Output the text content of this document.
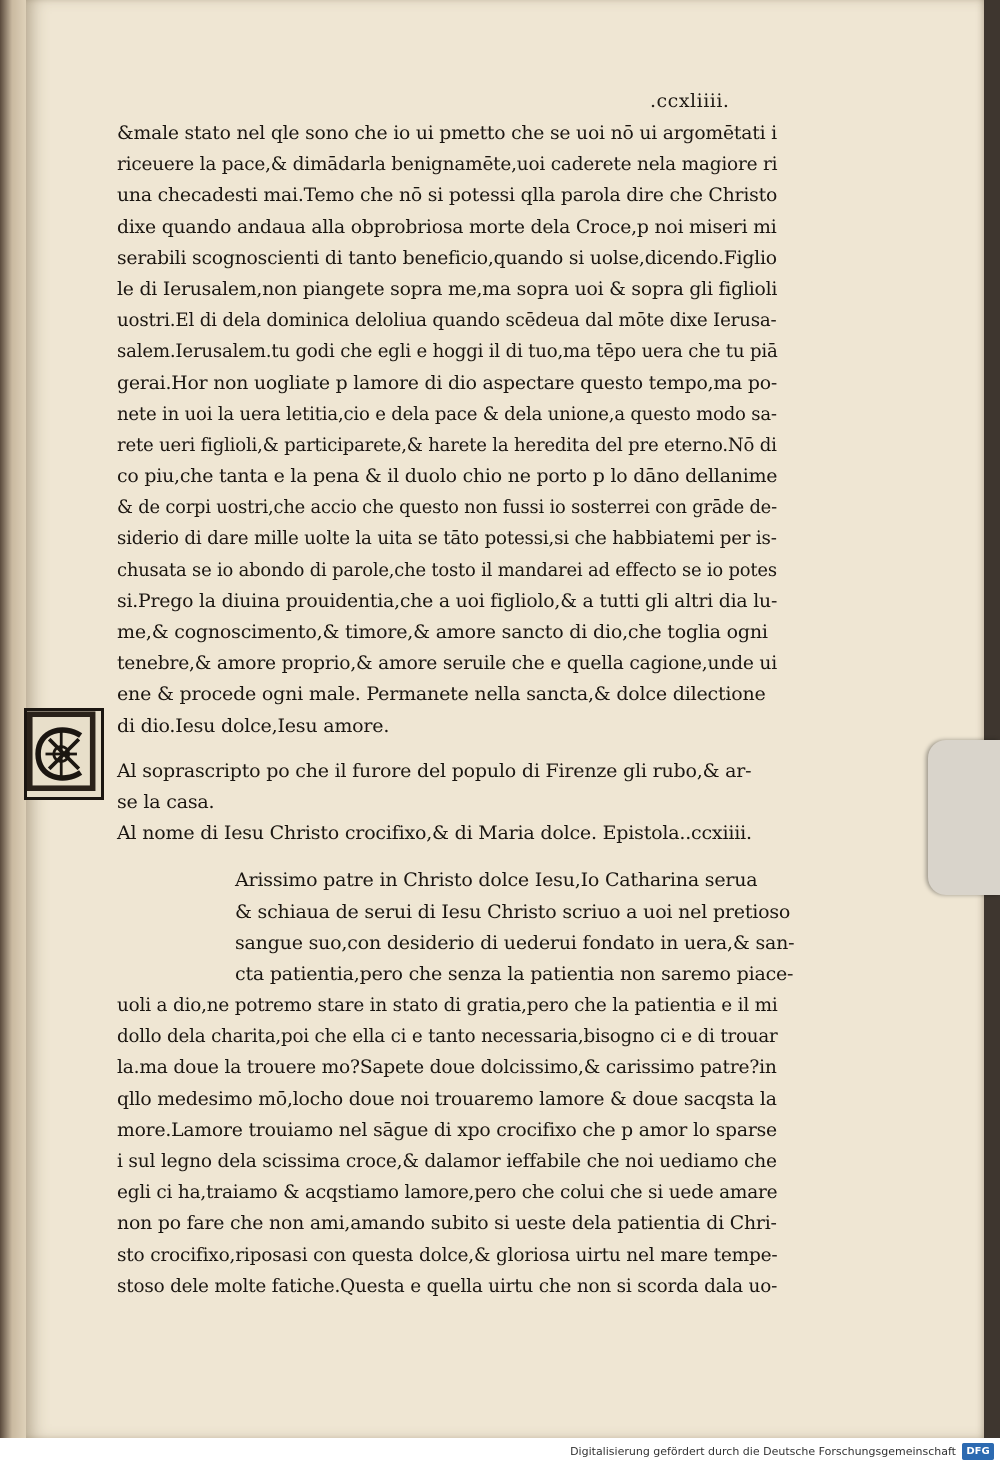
.ccxliiii.
&male stato nel qle sono che io ui pmetto che se uoi nō ui argomētati i
riceuere la pace,& dimādarla benignamēte,uoi caderete nela magiore ri
una checadesti mai.Temo che nō si potessi qlla parola dire che Christo
dixe quando andaua alla obprobriosa morte dela Croce,p noi miseri mi
serabili scognoscienti di tanto beneficio,quando si uolse,dicendo.Figlio
le di Ierusalem,non piangete sopra me,ma sopra uoi & sopra gli figlioli
uostri.El di dela dominica deloliua quando scēdeua dal mōte dixe Ierusa-
salem.Ierusalem.tu godi che egli e hoggi il di tuo,ma tēpo uera che tu piā
gerai.Hor non uogliate p lamore di dio aspectare questo tempo,ma po-
nete in uoi la uera letitia,cio e dela pace & dela unione,a questo modo sa-
rete ueri figlioli,& participarete,& harete la heredita del pre eterno.Nō di
co piu,che tanta e la pena & il duolo chio ne porto p lo dāno dellanime
& de corpi uostri,che accio che questo non fussi io sosterrei con grāde de-
siderio di dare mille uolte la uita se tāto potessi,si che habbiatemi per is-
chusata se io abondo di parole,che tosto il mandarei ad effecto se io potes
si.Prego la diuina prouidentia,che a uoi figliolo,& a tutti gli altri dia lu-
me,& cognoscimento,& timore,& amore sancto di dio,che toglia ogni
tenebre,& amore proprio,& amore seruile che e quella cagione,unde ui
ene & procede ogni male. Permanete nella sancta,& dolce dilectione
di dio.Iesu dolce,Iesu amore.
Al soprascripto po che il furore del populo di Firenze gli rubo,& ar-
se la casa.
Al nome di Iesu Christo crocifixo,& di Maria dolce. Epistola..ccxiiii.
Arissimo patre in Christo dolce Iesu,Io Catharina serua
& schiaua de serui di Iesu Christo scriuo a uoi nel pretioso
sangue suo,con desiderio di uederui fondato in uera,& san-
cta patientia,pero che senza la patientia non saremo piace-
uoli a dio,ne potremo stare in stato di gratia,pero che la patientia e il mi
dollo dela charita,poi che ella ci e tanto necessaria,bisogno ci e di trouar
la.ma doue la trouere mo?Sapete doue dolcissimo,& carissimo patre?in
qllo medesimo mō,locho doue noi trouaremo lamore & doue sacqsta la
more.Lamore trouiamo nel sāgue di xpo crocifixo che p amor lo sparse
i sul legno dela scissima croce,& dalamor ieffabile che noi uediamo che
egli ci ha,traiamo & acqstiamo lamore,pero che colui che si uede amare
non po fare che non ami,amando subito si ueste dela patientia di Chri-
sto crocifixo,riposasi con questa dolce,& gloriosa uirtu nel mare tempe-
stoso dele molte fatiche.Questa e quella uirtu che non si scorda dala uo-
Digitalisierung gefördert durch die Deutsche Forschungsgemeinschaft	DFG
